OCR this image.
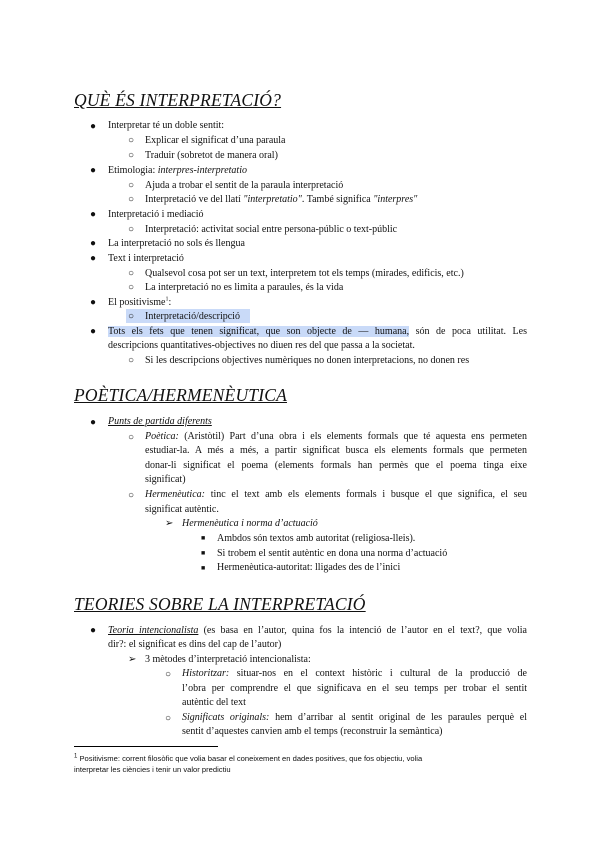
QUÈ ÉS INTERPRETACIÓ?
● Interpretar té un doble sentit:
○ Explicar el significat d’una paraula
○ Traduir (sobretot de manera oral)
● Etimologia: interpres-interpretatio
○ Ajuda a trobar el sentit de la paraula interpretació
○ Interpretació ve del llatí "interpretatio". També significa "interpres"
● Interpretació i mediació
○ Interpretació: activitat social entre persona-públic o text-públic
● La interpretació no sols és llengua
● Text i interpretació
○ Qualsevol cosa pot ser un text, interpretem tot els temps (mirades, edificis, etc.)
○ La interpretació no es limita a paraules, és la vida
● El positivisme$^1$:
○ Interpretació/descripció
● Tots els fets que tenen significat, que son objecte de — humana, són de poca utilitat. Les
descripcions quantitatives-objectives no diuen res del que passa a la societat.
○ Si les descripcions objectives numèriques no donen interpretacions, no donen res
POÈTICA/HERMENÈUTICA
● Punts de partida diferents
○ Poètica: (Aristòtil) Part d’una obra i els elements formals que té aquesta ens permeten
estudiar-la. A més a més, a partir significat busca els elements formals que permeten
donar-li significat el poema (elements formals han permès que el poema tinga eixe
significat)
○ Hermenèutica: tinc el text amb els elements formals i busque el que significa, el seu
significat autèntic.
➢ Hermenèutica i norma d’actuació
■ Ambdos són textos amb autoritat (religiosa-lleis).
■ Si trobem el sentit autèntic en dona una norma d’actuació
■ Hermenèutica-autoritat: lligades des de l’inici
TEORIES SOBRE LA INTERPRETACIÓ
● Teoria intencionalista (es basa en l’autor, quina fos la intenció de l’autor en el text?, que volia
dir?: el significat es dins del cap de l’autor)
➢ 3 mètodes d’interpretació intencionalista:
○ Historitzar: situar-nos en el context històric i cultural de la producció de
l’obra per comprendre el que significava en el seu temps per trobar el sentit
autèntic del text
○ Significats originals: hem d’arribar al sentit original de les paraules perquè el
sentit d’aquestes canvien amb el temps (reconstruir la semàntica)
$^1$ Positivisme: corrent filosòfic que volia basar el coneixement en dades positives, que fos objectiu, volia
interpretar les ciències i tenir un valor predictiu
